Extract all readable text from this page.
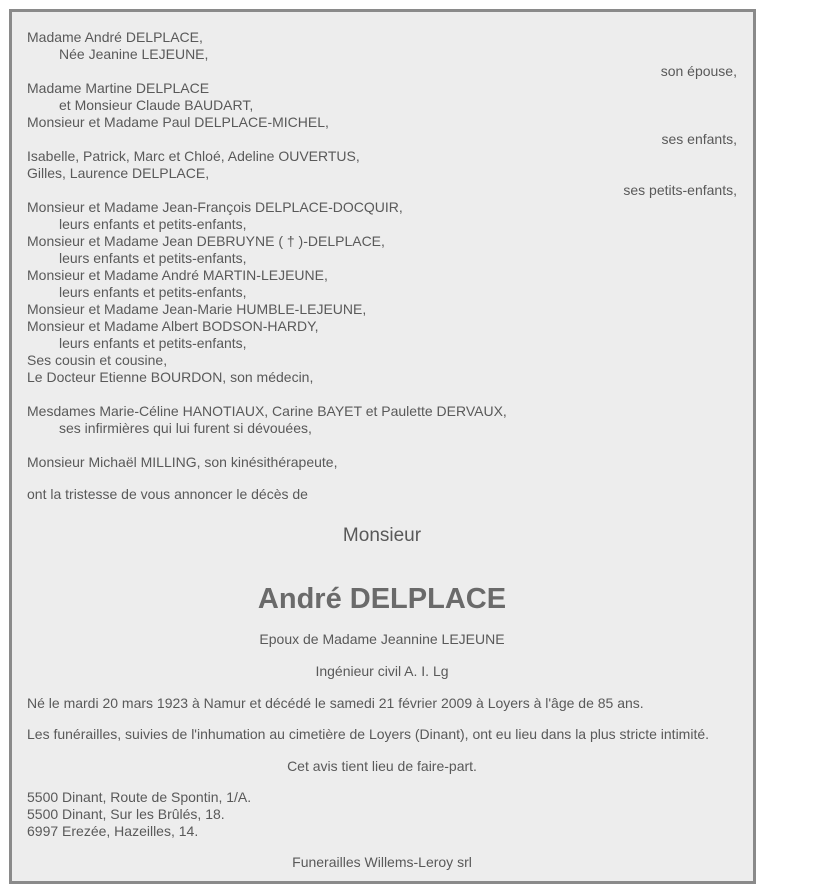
Madame André DELPLACE,
Née Jeanine LEJEUNE,
son épouse,
Madame Martine DELPLACE
et Monsieur Claude BAUDART,
Monsieur et Madame Paul DELPLACE-MICHEL,
ses enfants,
Isabelle, Patrick, Marc et Chloé, Adeline OUVERTUS,
Gilles, Laurence DELPLACE,
ses petits-enfants,
Monsieur et Madame Jean-François DELPLACE-DOCQUIR,
leurs enfants et petits-enfants,
Monsieur et Madame Jean DEBRUYNE ( † )-DELPLACE,
leurs enfants et petits-enfants,
Monsieur et Madame André MARTIN-LEJEUNE,
leurs enfants et petits-enfants,
Monsieur et Madame Jean-Marie HUMBLE-LEJEUNE,
Monsieur et Madame Albert BODSON-HARDY,
leurs enfants et petits-enfants,
Ses cousin et cousine,
Le Docteur Etienne BOURDON, son médecin,
Mesdames Marie-Céline HANOTIAUX, Carine BAYET et Paulette DERVAUX,
ses infirmières qui lui furent si dévouées,
Monsieur Michaël MILLING, son kinésithérapeute,
ont la tristesse de vous annoncer le décès de
Monsieur
André DELPLACE
Epoux de Madame Jeannine LEJEUNE
Ingénieur civil A. I. Lg
Né le mardi 20 mars 1923 à Namur et décédé le samedi 21 février 2009 à Loyers à l'âge de 85 ans.
Les funérailles, suivies de l'inhumation au cimetière de Loyers (Dinant), ont eu lieu dans la plus stricte intimité.
Cet avis tient lieu de faire-part.
5500 Dinant, Route de Spontin, 1/A.
5500 Dinant, Sur les Brûlés, 18.
6997 Erezée, Hazeilles, 14.
Funerailles Willems-Leroy srl
